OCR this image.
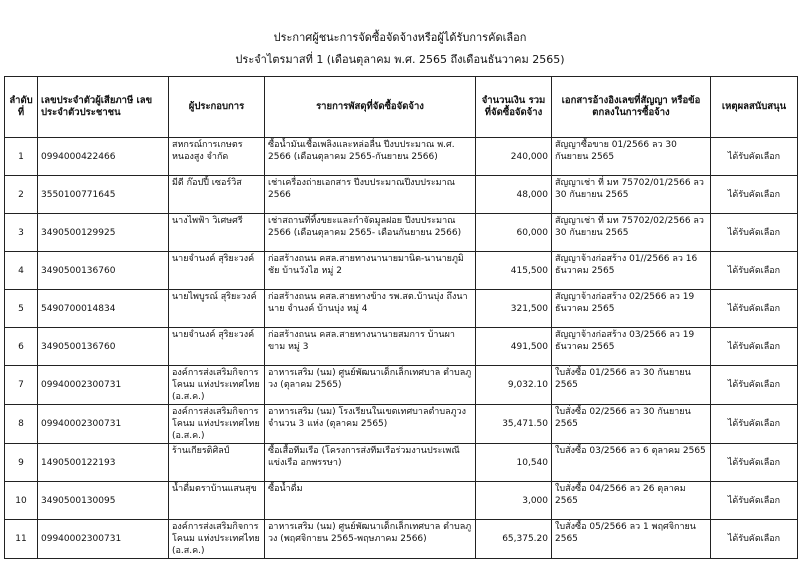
ประกาศผู้ชนะการจัดซื้อจัดจ้างหรือผู้ได้รับการคัดเลือก
ประจำไตรมาสที่ 1 (เดือนตุลาคม พ.ศ. 2565 ถึงเดือนธันวาคม 2565)
ลำดับที่	เลขประจำตัวผู้เสียภาษี เลขประจำตัวประชาชน	ผู้ประกอบการ	รายการพัสดุที่จัดซื้อจัดจ้าง	จำนวนเงิน รวมที่จัดซื้อจัดจ้าง	เอกสารอ้างอิงเลขที่สัญญา หรือข้อตกลงในการซื้อจ้าง	เหตุผลสนับสนุน
1	0994000422466	สหกรณ์การเกษตรหนองสูง จำกัด	ซื้อน้ำมันเชื้อเพลิงและหล่อลื่น ปีงบประมาณ พ.ศ. 2566 (เดือนตุลาคม 2565-กันยายน 2566)	240,000	สัญญาซื้อขาย 01/2566 ลว 30 กันยายน 2565	ได้รับคัดเลือก
2	3550100771645	มีดี ก๊อปปี้ เซอร์วิส	เช่าเครื่องถ่ายเอกสาร ปีงบประมาณปีงบประมาณ 2566	48,000	สัญญาเช่า ที่ มท 75702/01/2566 ลว 30 กันยายน 2565	ได้รับคัดเลือก
3	3490500129925	นางไพฟ้า วิเศษศรี	เช่าสถานที่ทิ้งขยะและกำจัดมูลฝอย ปีงบประมาณ 2566 (เดือนตุลาคม 2565- เดือนกันยายน 2566)	60,000	สัญญาเช่า ที่ มท 75702/02/2566 ลว 30 กันยายน 2565	ได้รับคัดเลือก
4	3490500136760	นายจำนงค์ สุริยะวงค์	ก่อสร้างถนน คสล.สายทางนานายมานิต-นานายภูมิชัย บ้านวังไฮ หมู่ 2	415,500	สัญญาจ้างก่อสร้าง 01//2566 ลว 16 ธันวาคม 2565	ได้รับคัดเลือก
5	5490700014834	นายไพบูรณ์ สุริยะวงค์	ก่อสร้างถนน คสล.สายทางข้าง รพ.สต.บ้านบุ่ง ถึงนานาย จำนงค์ บ้านบุ่ง หมู่ 4	321,500	สัญญาจ้างก่อสร้าง 02/2566 ลว 19 ธันวาคม 2565	ได้รับคัดเลือก
6	3490500136760	นายจำนงค์ สุริยะวงค์	ก่อสร้างถนน คสล.สายทางนานายสมการ บ้านผาขาม หมู่ 3	491,500	สัญญาจ้างก่อสร้าง 03/2566 ลว 19 ธันวาคม 2565	ได้รับคัดเลือก
7	09940002300731	องค์การส่งเสริมกิจการโคนม แห่งประเทศไทย (อ.ส.ค.)	อาหารเสริม (นม) ศูนย์พัฒนาเด็กเล็กเทศบาล ตำบลภูวง (ตุลาคม 2565)	9,032.10	ใบสั่งซื้อ 01/2566 ลว 30 กันยายน 2565	ได้รับคัดเลือก
8	09940002300731	องค์การส่งเสริมกิจการโคนม แห่งประเทศไทย (อ.ส.ค.)	อาหารเสริม (นม) โรงเรียนในเขตเทศบาลตำบลภูวง จำนวน 3 แห่ง (ตุลาคม 2565)	35,471.50	ใบสั่งซื้อ 02/2566 ลว 30 กันยายน 2565	ได้รับคัดเลือก
9	1490500122193	ร้านเกียรติศิลป์	ซื้อเสื้อทีมเรือ (โครงการส่งทีมเรือร่วมงานประเพณีแข่งเรือ อกพรรษา)	10,540	ใบสั่งซื้อ 03/2566 ลว 6 ตุลาคม 2565	ได้รับคัดเลือก
10	3490500130095	น้ำดื่มตราบ้านแสนสุข	ซื้อน้ำดื่ม	3,000	ใบสั่งซื้อ 04/2566 ลว 26 ตุลาคม 2565	ได้รับคัดเลือก
11	09940002300731	องค์การส่งเสริมกิจการโคนม แห่งประเทศไทย (อ.ส.ค.)	อาหารเสริม (นม) ศูนย์พัฒนาเด็กเล็กเทศบาล ตำบลภูวง (พฤศจิกายน 2565-พฤษภาคม 2566)	65,375.20	ใบสั่งซื้อ 05/2566 ลว 1 พฤศจิกายน 2565	ได้รับคัดเลือก
